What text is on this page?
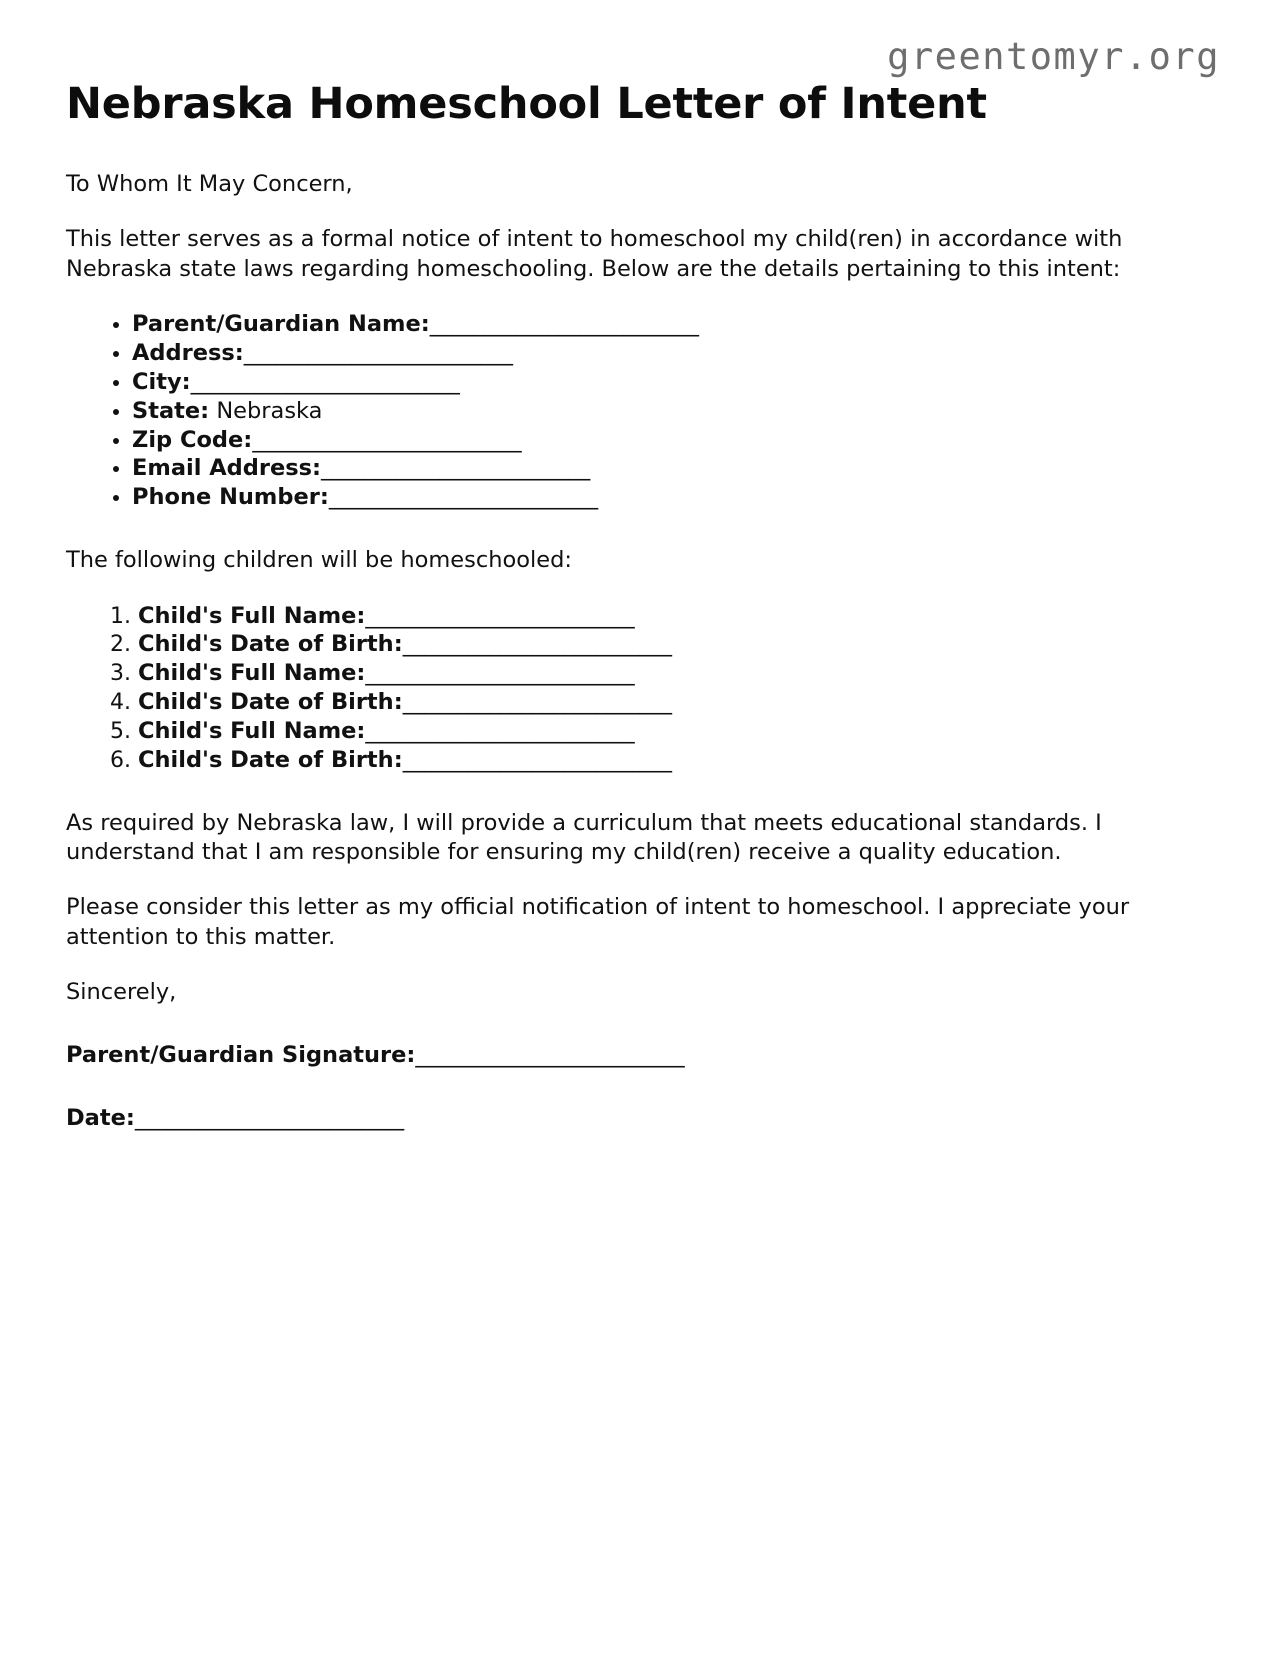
greentomyr.org
Nebraska Homeschool Letter of Intent

To Whom It May Concern,

This letter serves as a formal notice of intent to homeschool my child(ren) in accordance with Nebraska state laws regarding homeschooling. Below are the details pertaining to this intent:

• Parent/Guardian Name:_________________________
• Address:_________________________
• City:_________________________
• State: Nebraska
• Zip Code:_________________________
• Email Address:_________________________
• Phone Number:_________________________

The following children will be homeschooled:

1. Child's Full Name:_________________________
2. Child's Date of Birth:_________________________
3. Child's Full Name:_________________________
4. Child's Date of Birth:_________________________
5. Child's Full Name:_________________________
6. Child's Date of Birth:_________________________

As required by Nebraska law, I will provide a curriculum that meets educational standards. I understand that I am responsible for ensuring my child(ren) receive a quality education.

Please consider this letter as my official notification of intent to homeschool. I appreciate your attention to this matter.

Sincerely,

Parent/Guardian Signature:_________________________

Date:_________________________
